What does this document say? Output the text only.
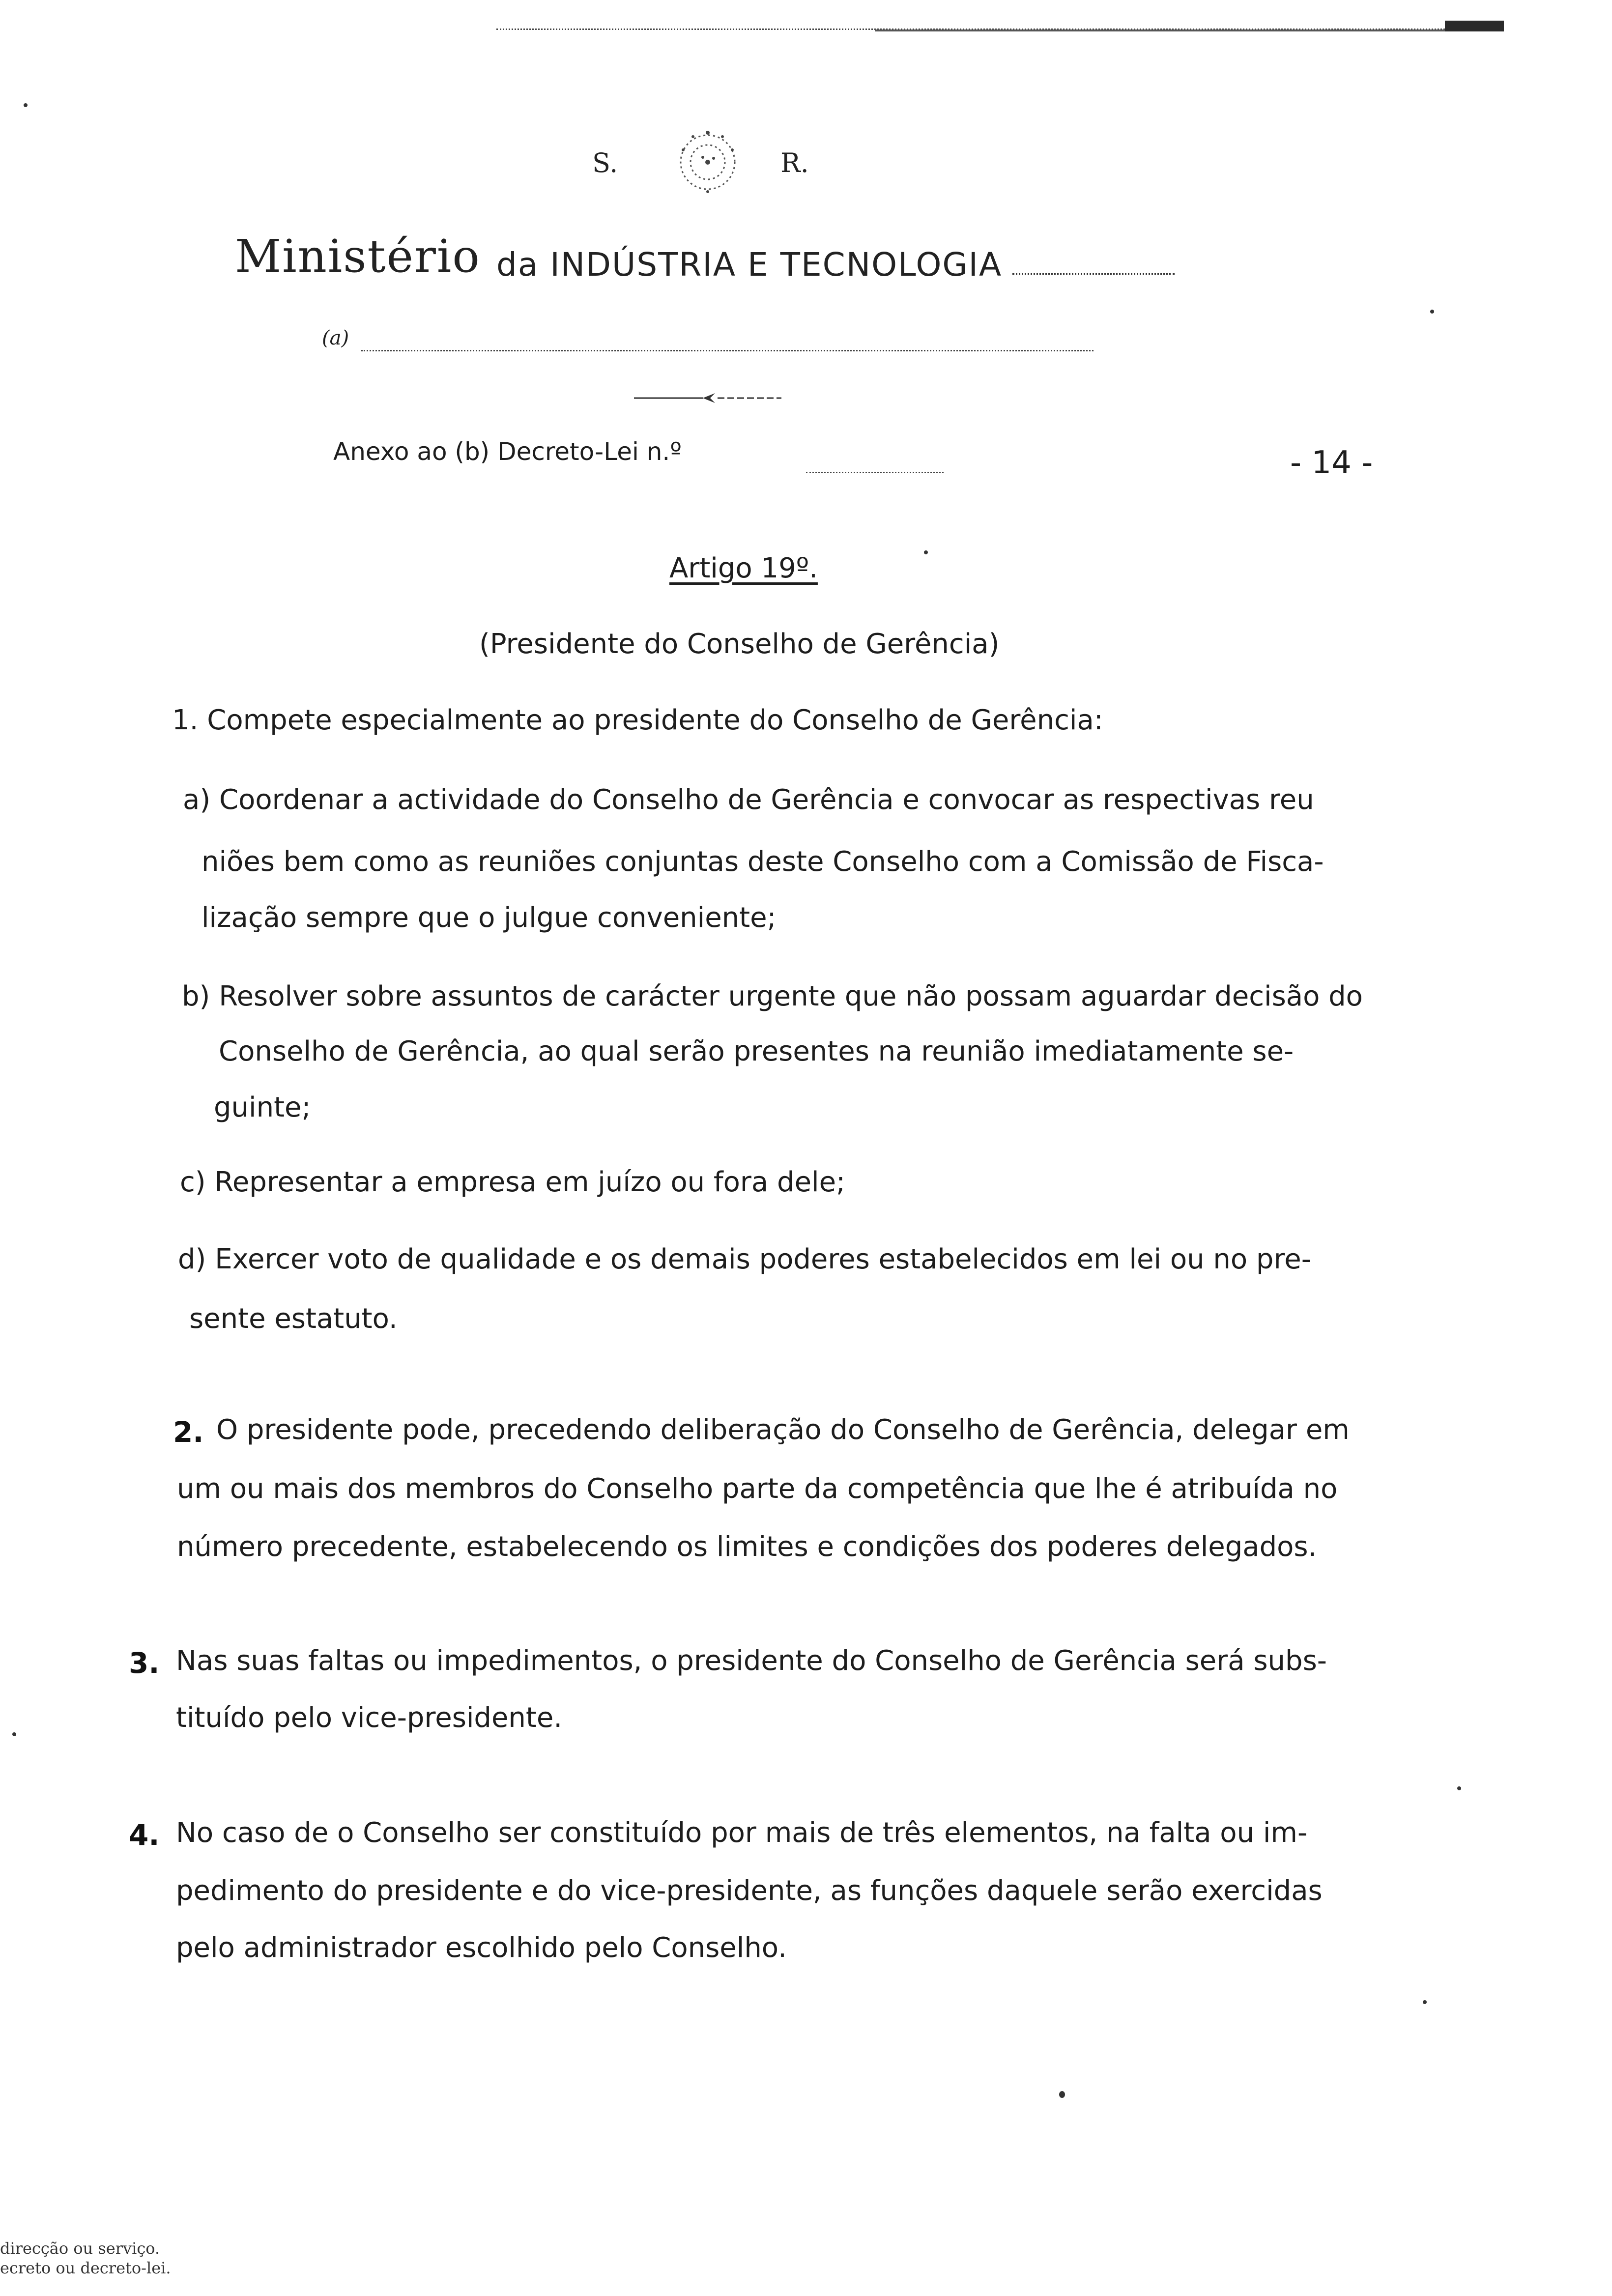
S.	R.
Ministério da INDÚSTRIA E TECNOLOGIA
(a)
Anexo ao (b) Decreto-Lei n.º	- 14 -
Artigo 19º.
(Presidente do Conselho de Gerência)
1. Compete especialmente ao presidente do Conselho de Gerência:
a) Coordenar a actividade do Conselho de Gerência e convocar as respectivas reu
niões bem como as reuniões conjuntas deste Conselho com a Comissão de Fisca-
lização sempre que o julgue conveniente;
b) Resolver sobre assuntos de carácter urgente que não possam aguardar decisão do
Conselho de Gerência, ao qual serão presentes na reunião imediatamente se-
guinte;
c) Representar a empresa em juízo ou fora dele;
d) Exercer voto de qualidade e os demais poderes estabelecidos em lei ou no pre-
sente estatuto.
2. O presidente pode, precedendo deliberação do Conselho de Gerência, delegar em
um ou mais dos membros do Conselho parte da competência que lhe é atribuída no
número precedente, estabelecendo os limites e condições dos poderes delegados.
3. Nas suas faltas ou impedimentos, o presidente do Conselho de Gerência será subs-
tituído pelo vice-presidente.
4. No caso de o Conselho ser constituído por mais de três elementos, na falta ou im-
pedimento do presidente e do vice-presidente, as funções daquele serão exercidas
pelo administrador escolhido pelo Conselho.
direcção ou serviço.
ecreto ou decreto-lei.
